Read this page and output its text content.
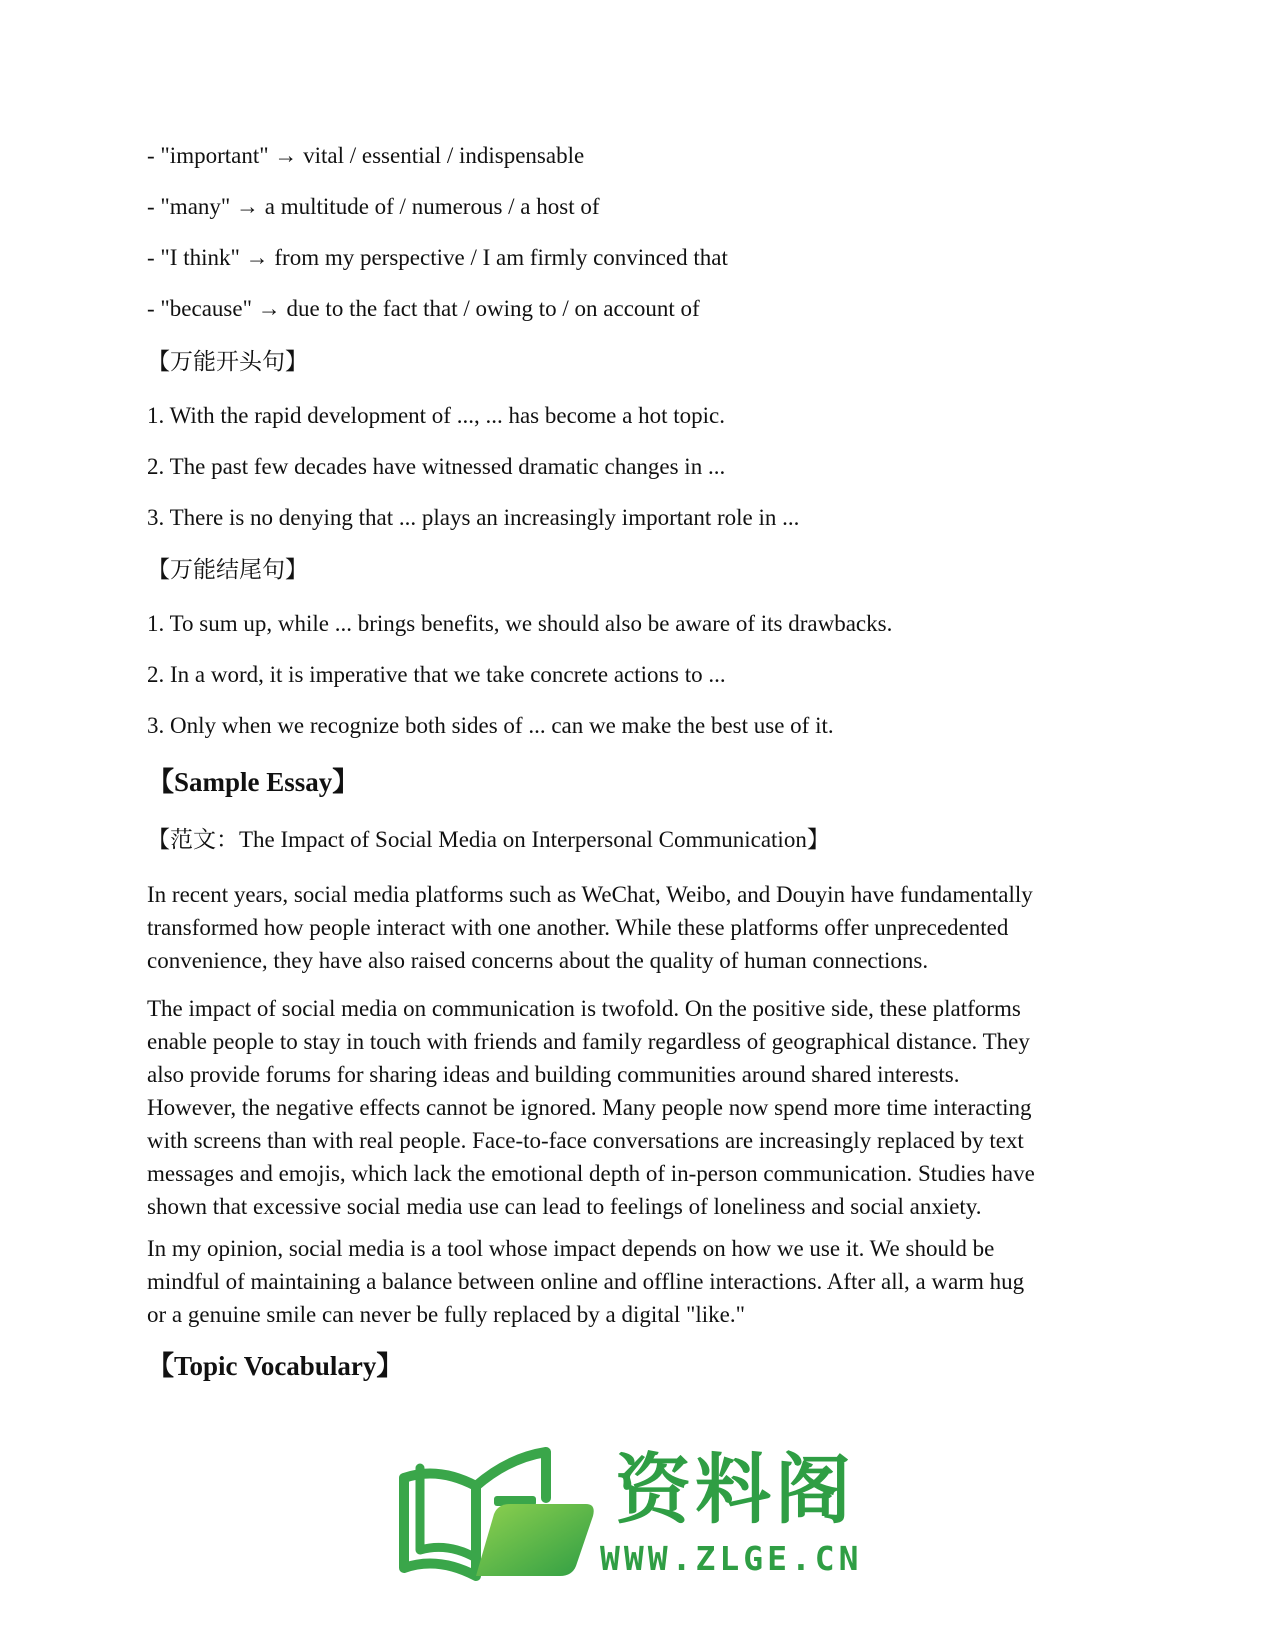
- "important" → vital / essential / indispensable
- "many" → a multitude of / numerous / a host of
- "I think" → from my perspective / I am firmly convinced that
- "because" → due to the fact that / owing to / on account of
【万能开头句】
1. With the rapid development of ..., ... has become a hot topic.
2. The past few decades have witnessed dramatic changes in ...
3. There is no denying that ... plays an increasingly important role in ...
【万能结尾句】
1. To sum up, while ... brings benefits, we should also be aware of its drawbacks.
2. In a word, it is imperative that we take concrete actions to ...
3. Only when we recognize both sides of ... can we make the best use of it.
【Sample Essay】
【范文：The Impact of Social Media on Interpersonal Communication】
In recent years, social media platforms such as WeChat, Weibo, and Douyin have fundamentally
transformed how people interact with one another. While these platforms offer unprecedented
convenience, they have also raised concerns about the quality of human connections.
The impact of social media on communication is twofold. On the positive side, these platforms
enable people to stay in touch with friends and family regardless of geographical distance. They
also provide forums for sharing ideas and building communities around shared interests.
However, the negative effects cannot be ignored. Many people now spend more time interacting
with screens than with real people. Face-to-face conversations are increasingly replaced by text
messages and emojis, which lack the emotional depth of in-person communication. Studies have
shown that excessive social media use can lead to feelings of loneliness and social anxiety.
In my opinion, social media is a tool whose impact depends on how we use it. We should be
mindful of maintaining a balance between online and offline interactions. After all, a warm hug
or a genuine smile can never be fully replaced by a digital "like."
【Topic Vocabulary】
资料阁
WWW.ZLGE.CN
